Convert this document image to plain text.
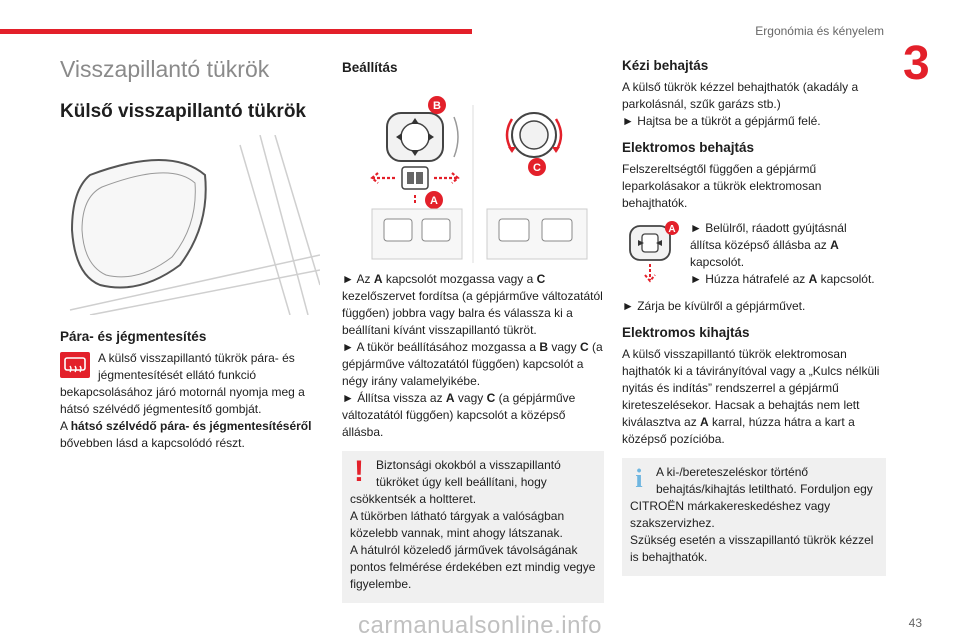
Ergonómia és kényelem
3
Visszapillantó tükrök
Külső visszapillantó tükrök
Pára- és jégmentesítés

A külső visszapillantó tükrök pára- és jégmentesítését ellátó funkció bekapcsolásához járó motornál nyomja meg a hátsó szélvédő jégmentesítő gombját.

A hátsó szélvédő pára- és jégmentesítéséről bővebben lásd a kapcsolódó részt.

Beállítás
B
A
C

► Az A kapcsolót mozgassa vagy a C kezelőszervet fordítsa (a gépjárműve változatától függően) jobbra vagy balra és válassza ki a beállítani kívánt visszapillantó tükröt.

► A tükör beállításához mozgassa a B vagy C (a gépjárműve változatától függően) kapcsolót a négy irány valamelyikébe.

► Állítsa vissza az A vagy C (a gépjárműve változatától függően) kapcsolót a középső állásba.

!	Biztonsági okokból a visszapillantó tükröket úgy kell beállítani, hogy csökkentsék a holtteret.

A tükörben látható tárgyak a valóságban közelebb vannak, mint ahogy látszanak.

A hátulról közeledő járművek távolságának pontos felmérése érdekében ezt mindig vegye figyelembe.

Kézi behajtás

A külső tükrök kézzel behajthatók (akadály a parkolásnál, szűk garázs stb.)

► Hajtsa be a tükröt a gépjármű felé.

Elektromos behajtás

Felszereltségtől függően a gépjármű leparkolásakor a tükrök elektromosan behajthatók.

A ► Belülről, ráadott gyújtásnál állítsa középső állásba az A kapcsolót.

► Húzza hátrafelé az A kapcsolót.

► Zárja be kívülről a gépjárművet.

Elektromos kihajtás

A külső visszapillantó tükrök elektromosan hajthatók ki a távirányítóval vagy a „Kulcs nélküli nyitás és indítás” rendszerrel a gépjármű kireteszelésekor. Hacsak a behajtás nem lett kiválasztva az A karral, húzza hátra a kart a középső pozícióba.

i	A ki-/bereteszeléskor történő behajtás/kihajtás letiltható. Forduljon egy CITROËN márkakereskedéshez vagy szakszervizhez.

Szükség esetén a visszapillantó tükrök kézzel is behajthatók.

carmanualsonline.info	43
